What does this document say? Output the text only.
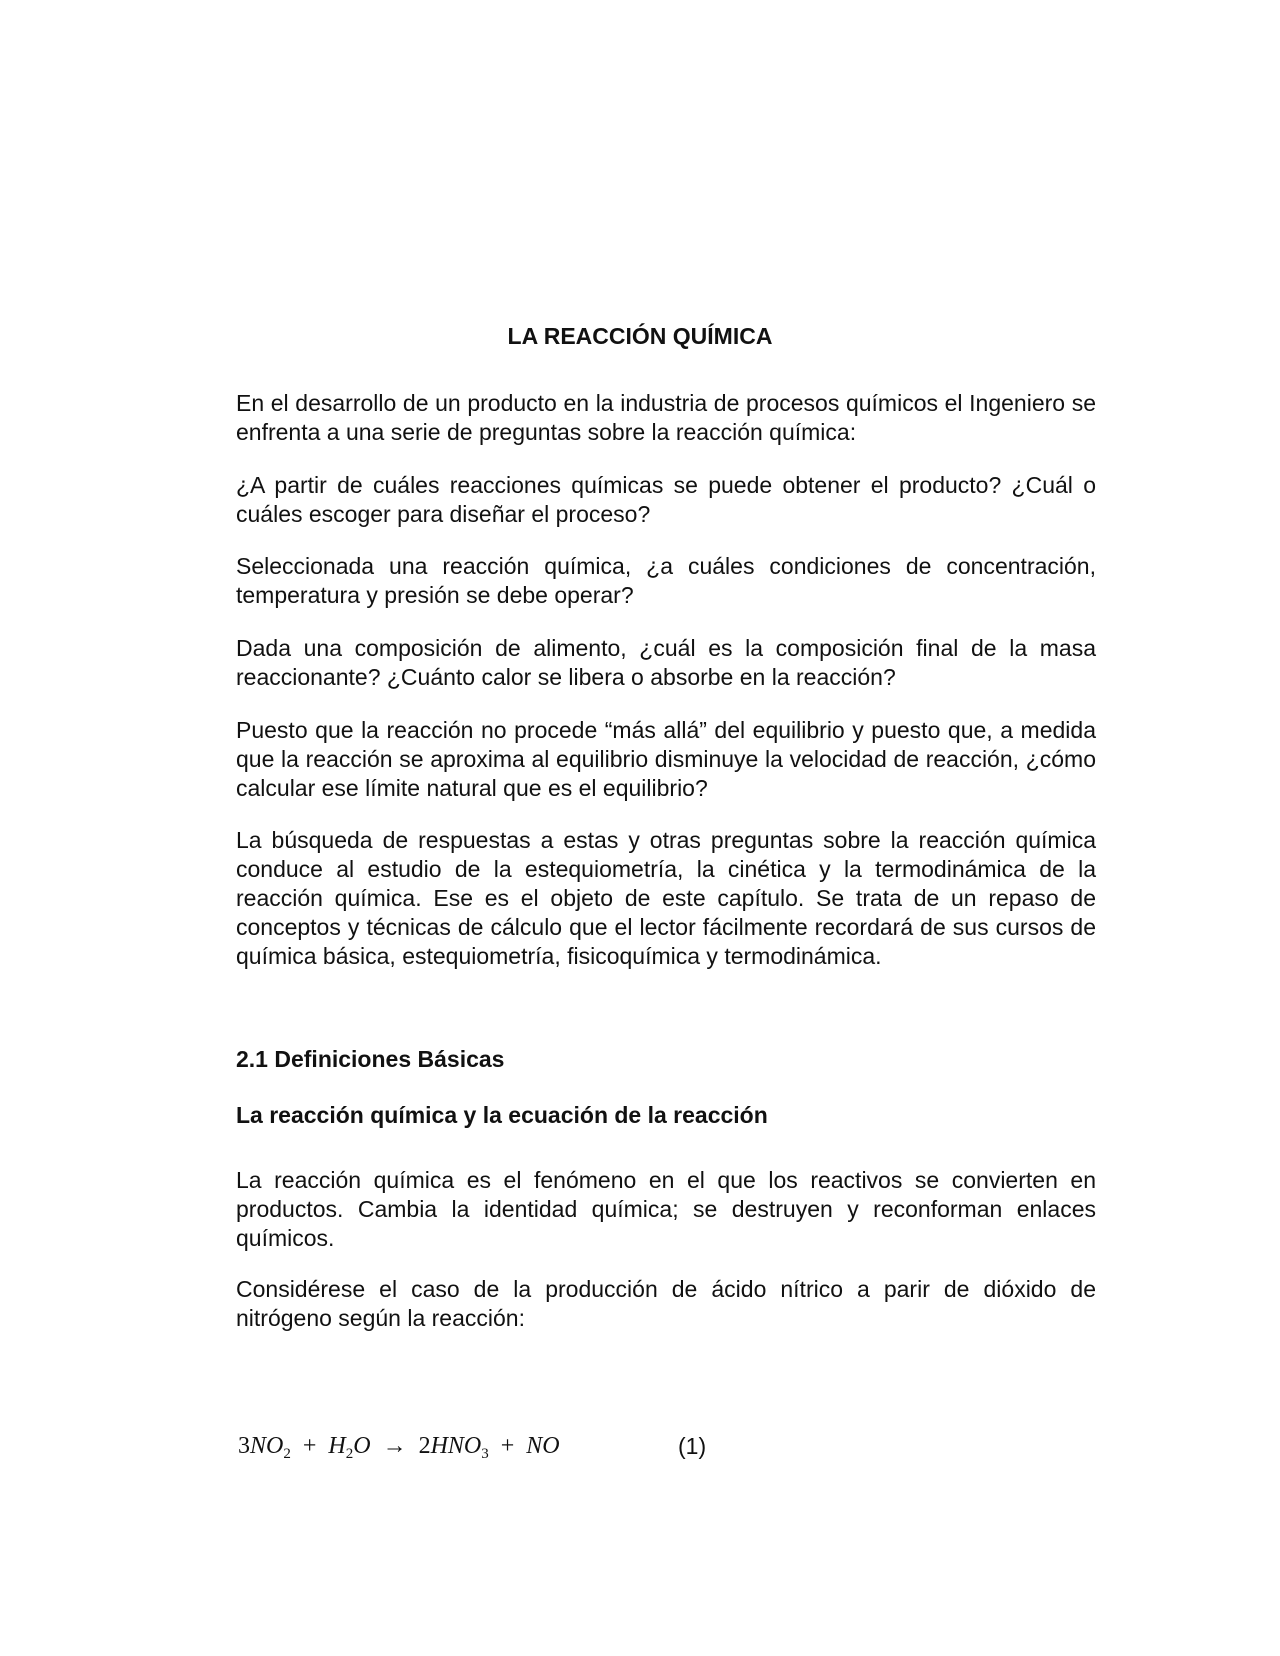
LA REACCIÓN QUÍMICA

En el desarrollo de un producto en la industria de procesos químicos el Ingeniero se enfrenta a una serie de preguntas sobre la reacción química:

¿A partir de cuáles reacciones químicas se puede obtener el producto? ¿Cuál o cuáles escoger para diseñar el proceso?

Seleccionada una reacción química, ¿a cuáles condiciones de concentración, temperatura y presión se debe operar?

Dada una composición de alimento, ¿cuál es la composición final de la masa reaccionante? ¿Cuánto calor se libera o absorbe en la reacción?

Puesto que la reacción no procede “más allá” del equilibrio y puesto que, a medida que la reacción se aproxima al equilibrio disminuye la velocidad de reacción, ¿cómo calcular ese límite natural que es el equilibrio?

La búsqueda de respuestas a estas y otras preguntas sobre la reacción química conduce al estudio de la estequiometría, la cinética y la termodinámica de la reacción química. Ese es el objeto de este capítulo. Se trata de un repaso de conceptos y técnicas de cálculo que el lector fácilmente recordará de sus cursos de química básica, estequiometría, fisicoquímica y termodinámica.

2.1 Definiciones Básicas
La reacción química y la ecuación de la reacción

La reacción química es el fenómeno en el que los reactivos se convierten en productos. Cambia la identidad química; se destruyen y reconforman enlaces químicos.

Considérese el caso de la producción de ácido nítrico a parir de dióxido de nitrógeno según la reacción:

$3NO_2 + H_2O \to 2HNO_3$ + NO	(1)
